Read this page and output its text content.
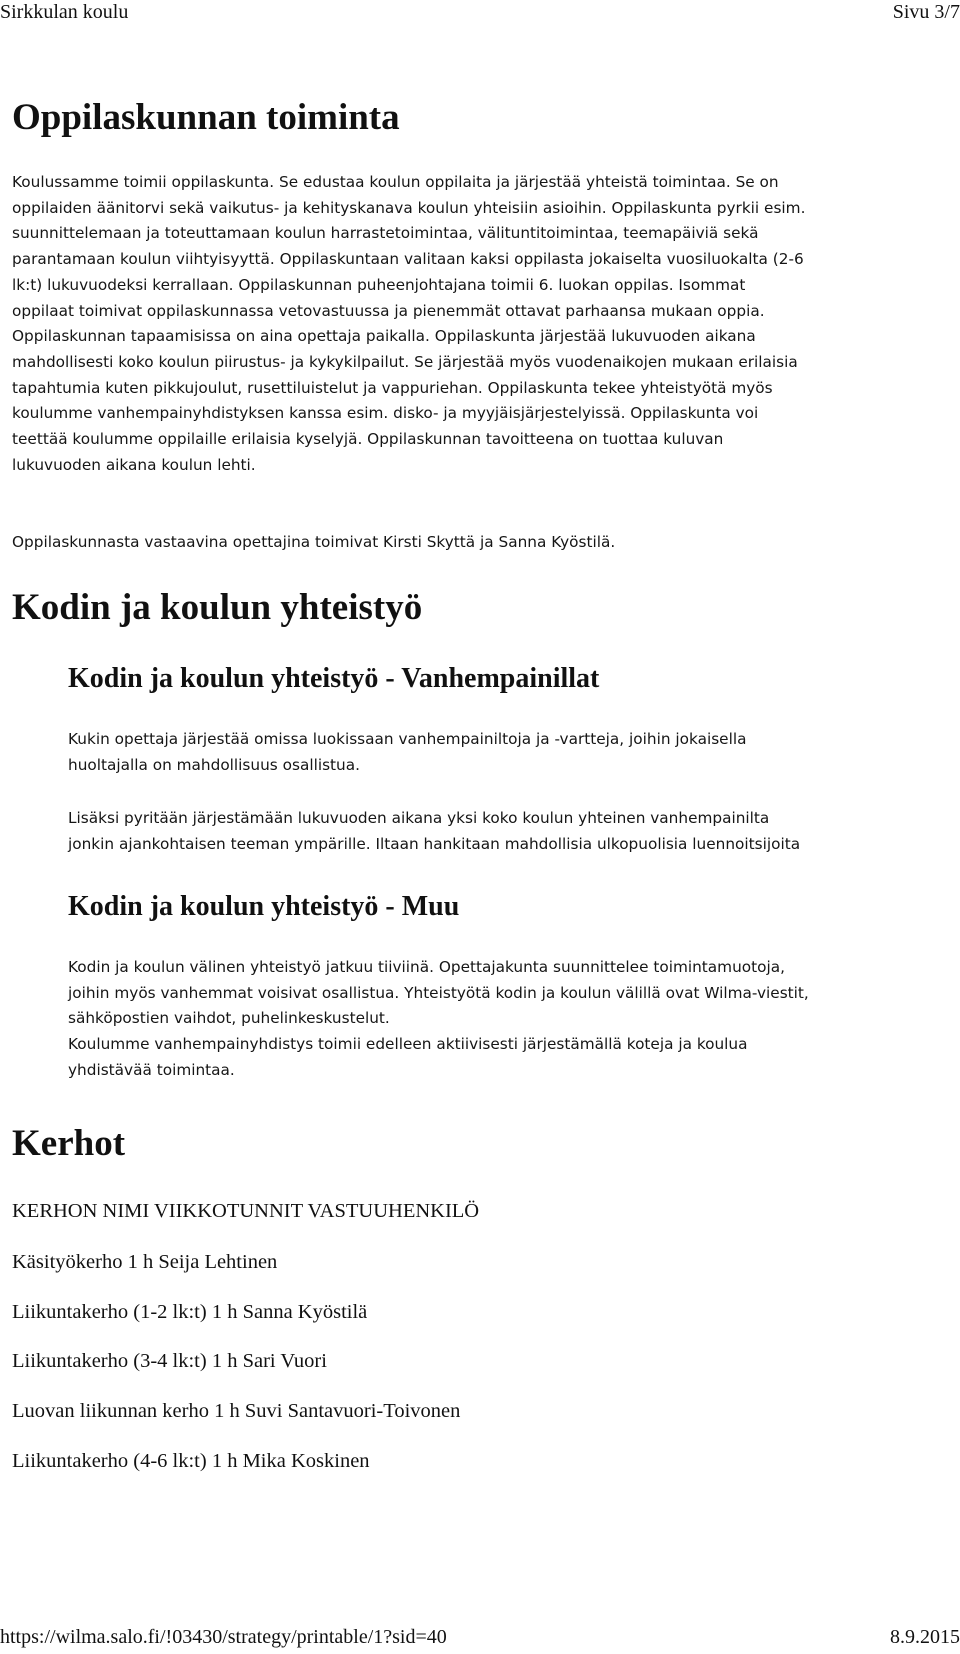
Sirkkulan koulu	Sivu 3/7
Oppilaskunnan toiminta

Koulussamme toimii oppilaskunta. Se edustaa koulun oppilaita ja järjestää yhteistä toimintaa. Se on
oppilaiden äänitorvi sekä vaikutus- ja kehityskanava koulun yhteisiin asioihin. Oppilaskunta pyrkii esim.
suunnittelemaan ja toteuttamaan koulun harrastetoimintaa, välituntitoimintaa, teemapäiviä sekä
parantamaan koulun viihtyisyyttä. Oppilaskuntaan valitaan kaksi oppilasta jokaiselta vuosiluokalta (2-6
lk:t) lukuvuodeksi kerrallaan. Oppilaskunnan puheenjohtajana toimii 6. luokan oppilas. Isommat
oppilaat toimivat oppilaskunnassa vetovastuussa ja pienemmät ottavat parhaansa mukaan oppia.
Oppilaskunnan tapaamisissa on aina opettaja paikalla. Oppilaskunta järjestää lukuvuoden aikana
mahdollisesti koko koulun piirustus- ja kykykilpailut. Se järjestää myös vuodenaikojen mukaan erilaisia
tapahtumia kuten pikkujoulut, rusettiluistelut ja vappuriehan. Oppilaskunta tekee yhteistyötä myös
koulumme vanhempainyhdistyksen kanssa esim. disko- ja myyjäisjärjestelyissä. Oppilaskunta voi
teettää koulumme oppilaille erilaisia kyselyjä. Oppilaskunnan tavoitteena on tuottaa kuluvan
lukuvuoden aikana koulun lehti.

Oppilaskunnasta vastaavina opettajina toimivat Kirsti Skyttä ja Sanna Kyöstilä.

Kodin ja koulun yhteistyö
Kodin ja koulun yhteistyö - Vanhempainillat

Kukin opettaja järjestää omissa luokissaan vanhempainiltoja ja -vartteja, joihin jokaisella
huoltajalla on mahdollisuus osallistua.

Lisäksi pyritään järjestämään lukuvuoden aikana yksi koko koulun yhteinen vanhempainilta
jonkin ajankohtaisen teeman ympärille. Iltaan hankitaan mahdollisia ulkopuolisia luennoitsijoita

Kodin ja koulun yhteistyö - Muu

Kodin ja koulun välinen yhteistyö jatkuu tiiviinä. Opettajakunta suunnittelee toimintamuotoja,
joihin myös vanhemmat voisivat osallistua. Yhteistyötä kodin ja koulun välillä ovat Wilma-viestit,
sähköpostien vaihdot, puhelinkeskustelut.
Koulumme vanhempainyhdistys toimii edelleen aktiivisesti järjestämällä koteja ja koulua
yhdistävää toimintaa.

Kerhot
KERHON NIMI VIIKKOTUNNIT VASTUUHENKILÖ
Käsityökerho 1 h Seija Lehtinen
Liikuntakerho (1-2 lk:t) 1 h Sanna Kyöstilä
Liikuntakerho (3-4 lk:t) 1 h Sari Vuori
Luovan liikunnan kerho 1 h Suvi Santavuori-Toivonen
Liikuntakerho (4-6 lk:t) 1 h Mika Koskinen
https://wilma.salo.fi/!03430/strategy/printable/1?sid=40	8.9.2015
